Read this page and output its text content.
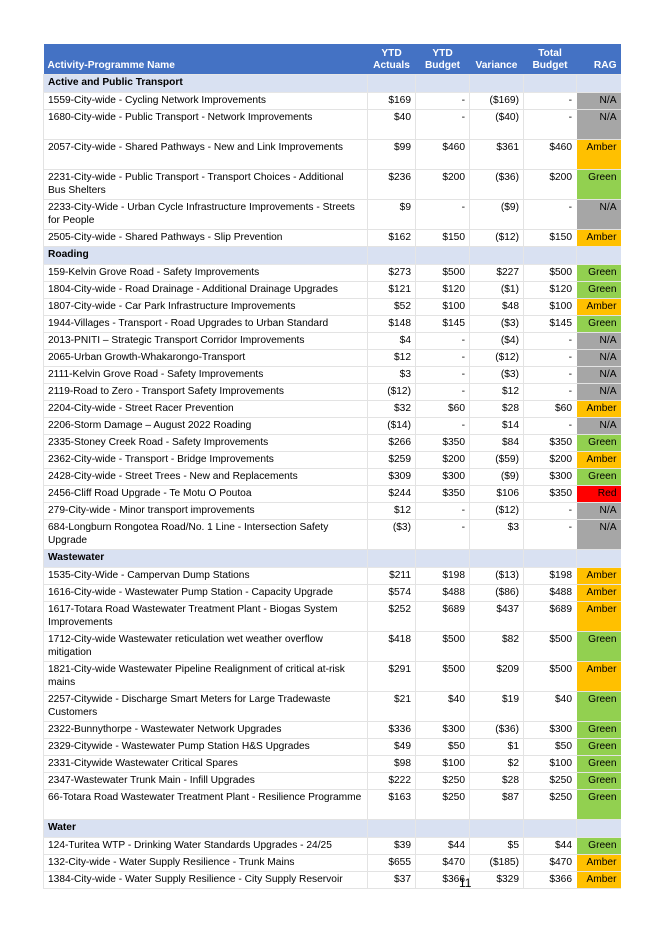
Activity-Programme Name	YTD Actuals	YTD Budget	Variance	Total Budget	RAG
Active and Public Transport					
1559-City-wide - Cycling Network Improvements	$169	-	($169)	-	N/A
1680-City-wide - Public Transport - Network Improvements	$40	-	($40)	-	N/A
2057-City-wide - Shared Pathways - New and Link Improvements	$99	$460	$361	$460	Amber
2231-City-wide - Public Transport - Transport Choices - Additional Bus Shelters	$236	$200	($36)	$200	Green
2233-City-Wide - Urban Cycle Infrastructure Improvements - Streets for People	$9	-	($9)	-	N/A
2505-City-wide - Shared Pathways - Slip Prevention	$162	$150	($12)	$150	Amber
Roading					
159-Kelvin Grove Road - Safety Improvements	$273	$500	$227	$500	Green
1804-City-wide - Road Drainage - Additional Drainage Upgrades	$121	$120	($1)	$120	Green
1807-City-wide - Car Park Infrastructure Improvements	$52	$100	$48	$100	Amber
1944-Villages - Transport - Road Upgrades to Urban Standard	$148	$145	($3)	$145	Green
2013-PNITI – Strategic Transport Corridor Improvements	$4	-	($4)	-	N/A
2065-Urban Growth-Whakarongo-Transport	$12	-	($12)	-	N/A
2111-Kelvin Grove Road - Safety Improvements	$3	-	($3)	-	N/A
2119-Road to Zero - Transport Safety Improvements	($12)	-	$12	-	N/A
2204-City-wide - Street Racer Prevention	$32	$60	$28	$60	Amber
2206-Storm Damage – August 2022 Roading	($14)	-	$14	-	N/A
2335-Stoney Creek Road - Safety Improvements	$266	$350	$84	$350	Green
2362-City-wide - Transport - Bridge Improvements	$259	$200	($59)	$200	Amber
2428-City-wide - Street Trees - New and Replacements	$309	$300	($9)	$300	Green
2456-Cliff Road Upgrade - Te Motu O Poutoa	$244	$350	$106	$350	Red
279-City-wide - Minor transport improvements	$12	-	($12)	-	N/A
684-Longburn Rongotea Road/No. 1 Line - Intersection Safety Upgrade	($3)	-	$3	-	N/A
Wastewater					
1535-City-Wide - Campervan Dump Stations	$211	$198	($13)	$198	Amber
1616-City-wide - Wastewater Pump Station - Capacity Upgrade	$574	$488	($86)	$488	Amber
1617-Totara Road Wastewater Treatment Plant - Biogas System Improvements	$252	$689	$437	$689	Amber
1712-City-wide Wastewater reticulation wet weather overflow mitigation	$418	$500	$82	$500	Green
1821-City-wide Wastewater Pipeline Realignment of critical at-risk mains	$291	$500	$209	$500	Amber
2257-Citywide - Discharge Smart Meters for Large Tradewaste Customers	$21	$40	$19	$40	Green
2322-Bunnythorpe - Wastewater Network Upgrades	$336	$300	($36)	$300	Green
2329-Citywide - Wastewater Pump Station H&S Upgrades	$49	$50	$1	$50	Green
2331-Citywide Wastewater Critical Spares	$98	$100	$2	$100	Green
2347-Wastewater Trunk Main - Infill Upgrades	$222	$250	$28	$250	Green
66-Totara Road Wastewater Treatment Plant - Resilience Programme	$163	$250	$87	$250	Green
Water					
124-Turitea WTP - Drinking Water Standards Upgrades - 24/25	$39	$44	$5	$44	Green
132-City-wide - Water Supply Resilience - Trunk Mains	$655	$470	($185)	$470	Amber
1384-City-wide - Water Supply Resilience - City Supply Reservoir	$37	$366	$329	$366	Amber
11
